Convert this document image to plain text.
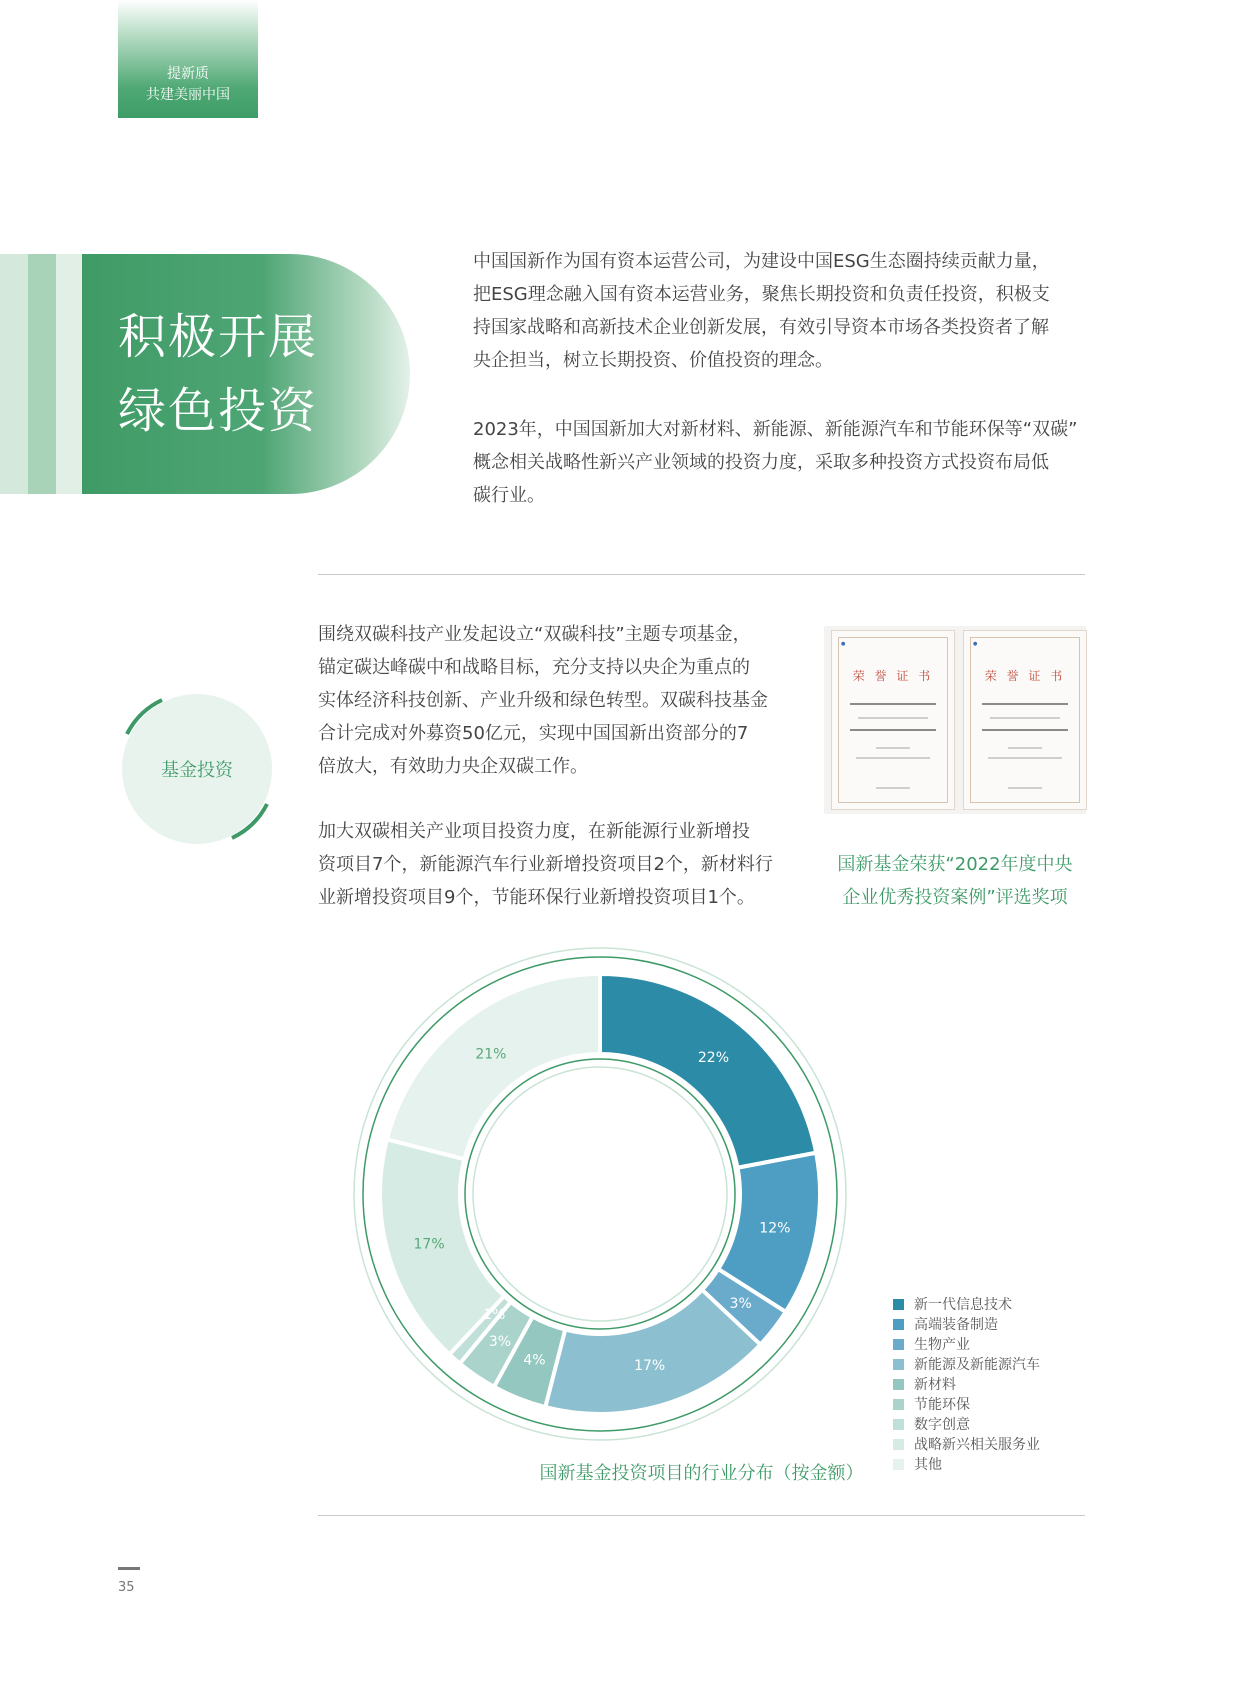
提新质
共建美丽中国
积极开展
绿色投资
中国国新作为国有资本运营公司，为建设中国ESG生态圈持续贡献力量，
把ESG理念融入国有资本运营业务，聚焦长期投资和负责任投资，积极支
持国家战略和高新技术企业创新发展，有效引导资本市场各类投资者了解
央企担当，树立长期投资、价值投资的理念。
2023年，中国国新加大对新材料、新能源、新能源汽车和节能环保等“双碳”
概念相关战略性新兴产业领域的投资力度，采取多种投资方式投资布局低
碳行业。
基金投资
围绕双碳科技产业发起设立“双碳科技”主题专项基金，
锚定碳达峰碳中和战略目标，充分支持以央企为重点的
实体经济科技创新、产业升级和绿色转型。双碳科技基金
合计完成对外募资50亿元，实现中国国新出资部分的7
倍放大，有效助力央企双碳工作。
加大双碳相关产业项目投资力度，在新能源行业新增投
资项目7个，新能源汽车行业新增投资项目2个，新材料行
业新增投资项目9个，节能环保行业新增投资项目1个。
●
荣 誉 证 书
●
荣 誉 证 书
国新基金荣获“2022年度中央
企业优秀投资案例”评选奖项
22%
12%
3%
17%
4%
3%
1%
17%
21%
新一代信息技术
高端装备制造
生物产业
新能源及新能源汽车
新材料
节能环保
数字创意
战略新兴相关服务业
其他
国新基金投资项目的行业分布（按金额）
35
